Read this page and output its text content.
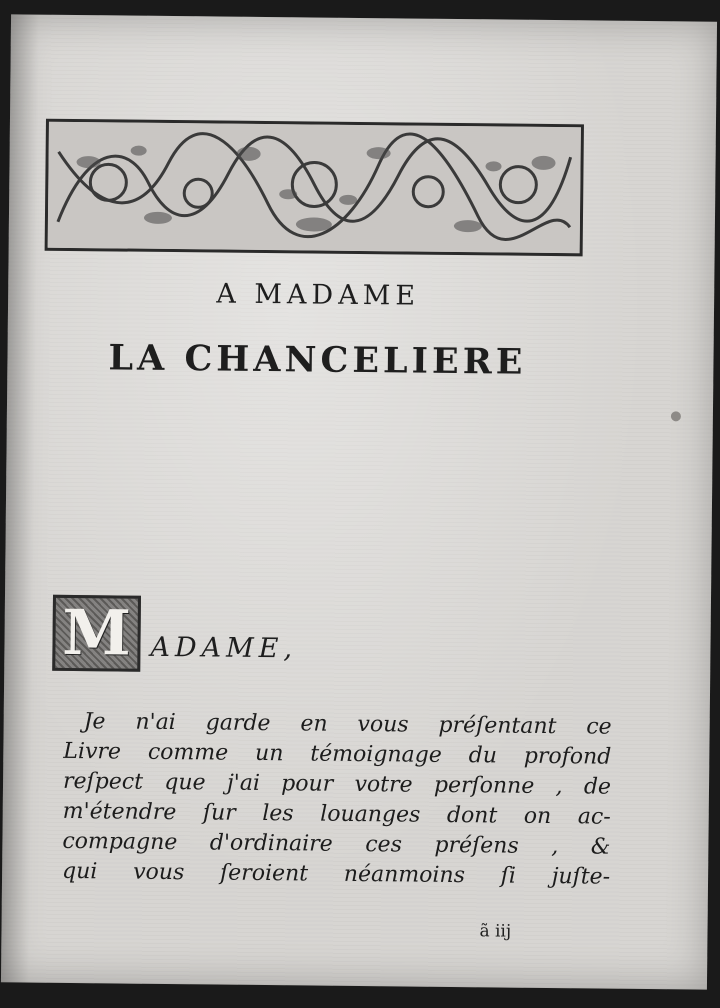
A MADAME
LA CHANCELIERE
M ADAME,
Je n'ai garde en vous préſentant ce
Livre comme un témoignage du profond
reſpect que j'ai pour votre perſonne , de
m'étendre ſur les louanges dont on ac-
compagne d'ordinaire ces préſens , &
qui vous ſeroient néanmoins ſi juſte-
ã iij
